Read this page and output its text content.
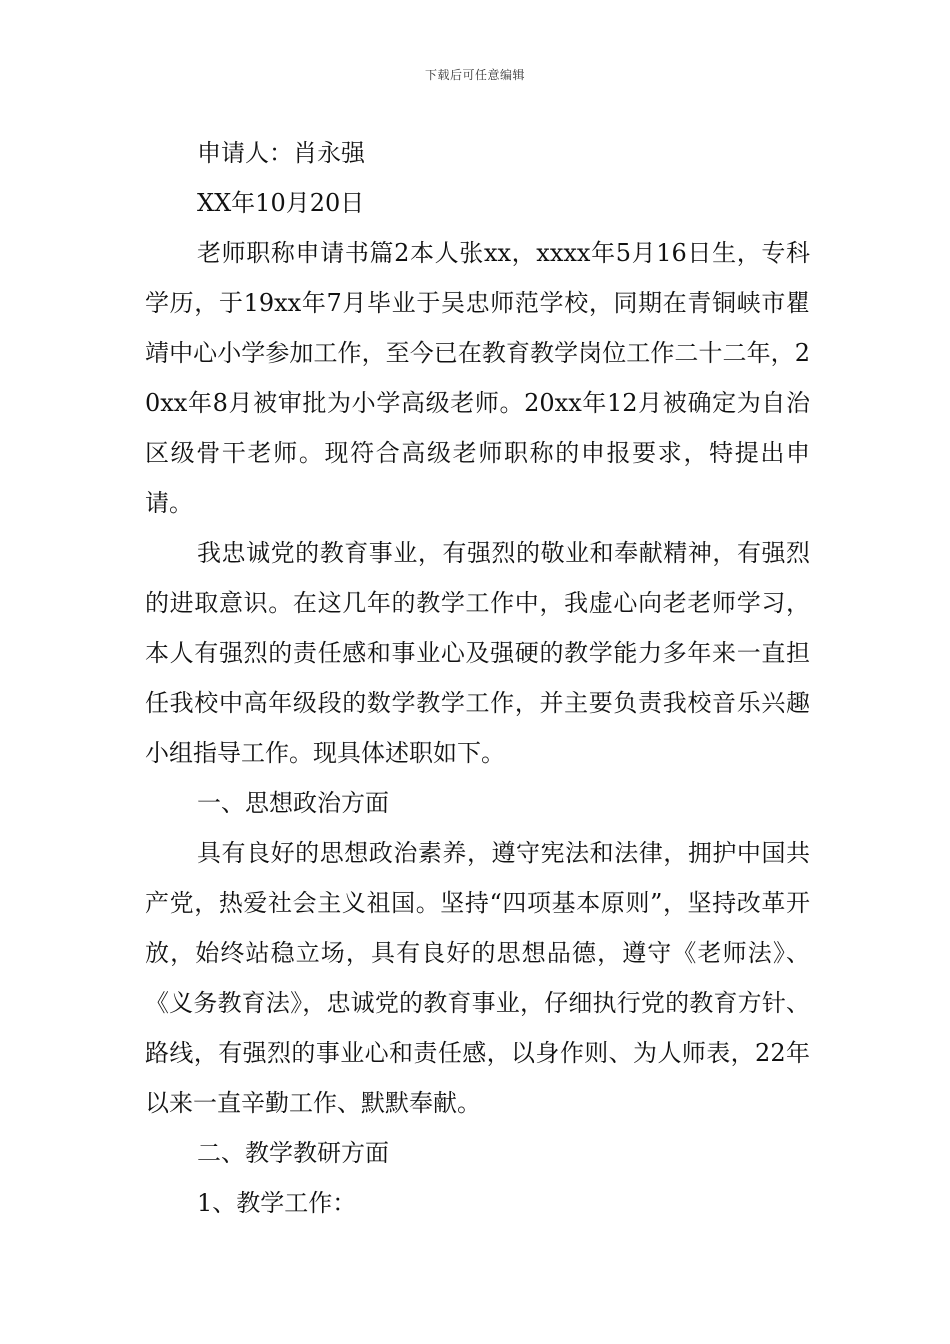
下载后可任意编辑

申请人：肖永强

XX年10月20日

老师职称申请书篇2本人张xx，xxxx年5月16日生，专科学历，于19xx年7月毕业于吴忠师范学校，同期在青铜峡市瞿靖中心小学参加工作，至今已在教育教学岗位工作二十二年，20xx年8月被审批为小学高级老师。20xx年12月被确定为自治区级骨干老师。现符合高级老师职称的申报要求，特提出申请。

我忠诚党的教育事业，有强烈的敬业和奉献精神，有强烈的进取意识。在这几年的教学工作中，我虚心向老老师学习，本人有强烈的责任感和事业心及强硬的教学能力多年来一直担任我校中高年级段的数学教学工作，并主要负责我校音乐兴趣小组指导工作。现具体述职如下。

一、思想政治方面

具有良好的思想政治素养，遵守宪法和法律，拥护中国共产党，热爱社会主义祖国。坚持“四项基本原则”，坚持改革开放，始终站稳立场，具有良好的思想品德，遵守《老师法》、《义务教育法》，忠诚党的教育事业，仔细执行党的教育方针、路线，有强烈的事业心和责任感，以身作则、为人师表，22年以来一直辛勤工作、默默奉献。

二、教学教研方面

1、教学工作：
